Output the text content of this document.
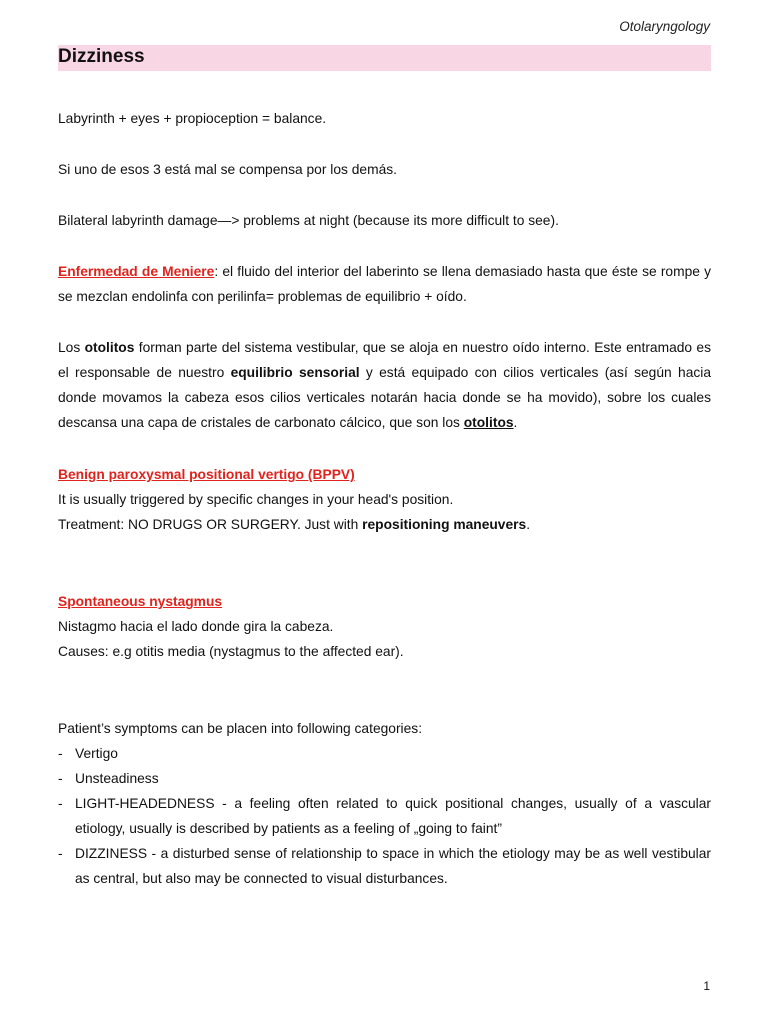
Otolaryngology
Dizziness
Labyrinth + eyes + propioception = balance.
Si uno de esos 3 está mal se compensa por los demás.
Bilateral labyrinth damage—> problems at night (because its more difficult to see).
Enfermedad de Meniere: el fluido del interior del laberinto se llena demasiado hasta que éste se rompe y se mezclan endolinfa con perilinfa= problemas de equilibrio + oído.
Los otolitos forman parte del sistema vestibular, que se aloja en nuestro oído interno. Este entramado es el responsable de nuestro equilibrio sensorial y está equipado con cilios verticales (así según hacia donde movamos la cabeza esos cilios verticales notarán hacia donde se ha movido), sobre los cuales descansa una capa de cristales de carbonato cálcico, que son los otolitos.
Benign paroxysmal positional vertigo (BPPV)
It is usually triggered by specific changes in your head's position.
Treatment: NO DRUGS OR SURGERY. Just with repositioning maneuvers.
Spontaneous nystagmus
Nistagmo hacia el lado donde gira la cabeza.
Causes: e.g otitis media (nystagmus to the affected ear).
Patient’s symptoms can be placen into following categories:
- Vertigo
- Unsteadiness
- LIGHT-HEADEDNESS - a feeling often related to quick positional changes, usually of a vascular etiology, usually is described by patients as a feeling of „going to faint”
- DIZZINESS - a disturbed sense of relationship to space in which the etiology may be as well vestibular as central, but also may be connected to visual disturbances.
1
